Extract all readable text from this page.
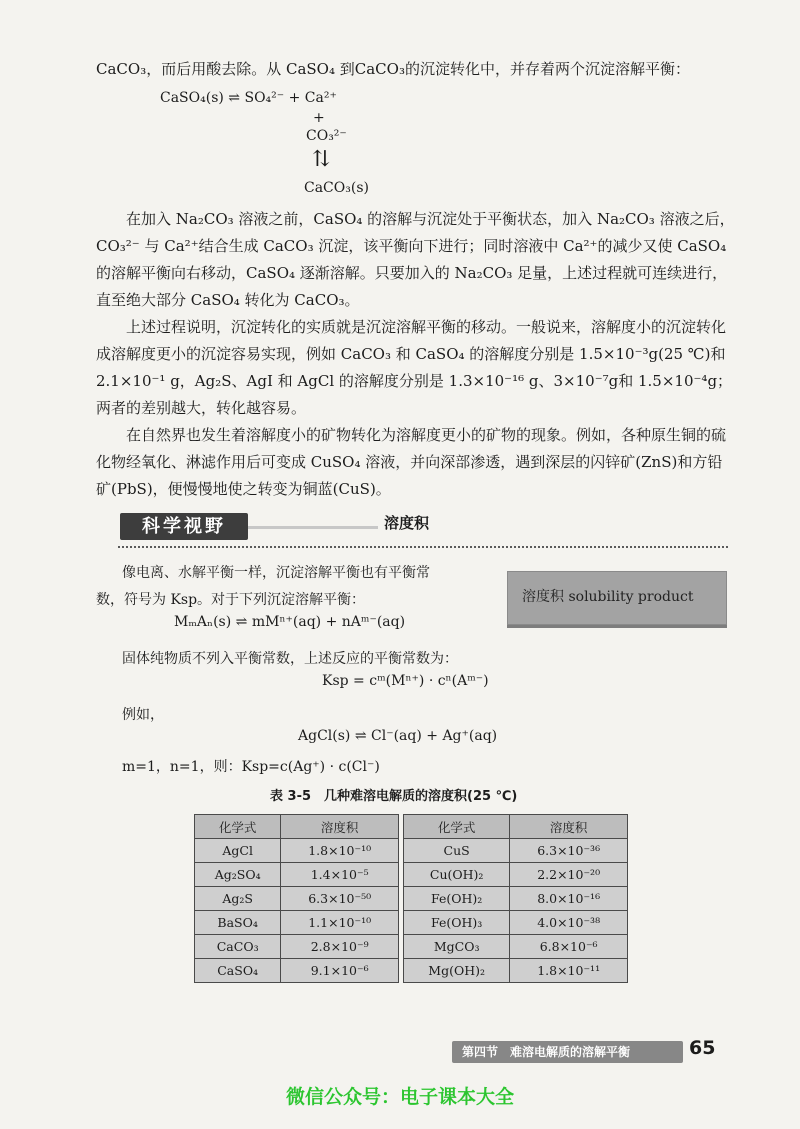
CaCO₃，而后用酸去除。从 CaSO₄ 到CaCO₃的沉淀转化中，并存着两个沉淀溶解平衡：
CaSO₄(s) ⇌ SO₄²⁻ + Ca²⁺
+
CO₃²⁻
⇅
CaCO₃(s)
在加入 Na₂CO₃ 溶液之前，CaSO₄ 的溶解与沉淀处于平衡状态，加入 Na₂CO₃ 溶液之后，CO₃²⁻ 与 Ca²⁺结合生成 CaCO₃ 沉淀，该平衡向下进行；同时溶液中 Ca²⁺的减少又使 CaSO₄ 的溶解平衡向右移动，CaSO₄ 逐渐溶解。只要加入的 Na₂CO₃ 足量，上述过程就可连续进行，直至绝大部分 CaSO₄ 转化为 CaCO₃。
上述过程说明，沉淀转化的实质就是沉淀溶解平衡的移动。一般说来，溶解度小的沉淀转化成溶解度更小的沉淀容易实现，例如 CaCO₃ 和 CaSO₄ 的溶解度分别是 1.5×10⁻³g(25 ℃)和 2.1×10⁻¹ g，Ag₂S、AgI 和 AgCl 的溶解度分别是 1.3×10⁻¹⁶ g、3×10⁻⁷g和 1.5×10⁻⁴g；两者的差别越大，转化越容易。
在自然界也发生着溶解度小的矿物转化为溶解度更小的矿物的现象。例如，各种原生铜的硫化物经氧化、淋滤作用后可变成 CuSO₄ 溶液，并向深部渗透，遇到深层的闪锌矿(ZnS)和方铅矿(PbS)，便慢慢地使之转变为铜蓝(CuS)。
科学视野	溶度积
溶度积 solubility product
像电离、水解平衡一样，沉淀溶解平衡也有平衡常
数，符号为 Ksp。对于下列沉淀溶解平衡：
MₘAₙ(s) ⇌ mMⁿ⁺(aq) + nAᵐ⁻(aq)
固体纯物质不列入平衡常数，上述反应的平衡常数为：
Ksp = cᵐ(Mⁿ⁺) · cⁿ(Aᵐ⁻)
例如，
AgCl(s) ⇌ Cl⁻(aq) + Ag⁺(aq)
m=1，n=1，则：Ksp=c(Ag⁺) · c(Cl⁻)
表 3-5　几种难溶电解质的溶度积(25 ℃)
化学式	溶度积		化学式	溶度积
AgCl	1.8×10⁻¹⁰		CuS	6.3×10⁻³⁶
Ag₂SO₄	1.4×10⁻⁵		Cu(OH)₂	2.2×10⁻²⁰
Ag₂S	6.3×10⁻⁵⁰		Fe(OH)₂	8.0×10⁻¹⁶
BaSO₄	1.1×10⁻¹⁰		Fe(OH)₃	4.0×10⁻³⁸
CaCO₃	2.8×10⁻⁹		MgCO₃	6.8×10⁻⁶
CaSO₄	9.1×10⁻⁶		Mg(OH)₂	1.8×10⁻¹¹
第四节　难溶电解质的溶解平衡	65
微信公众号：电子课本大全
